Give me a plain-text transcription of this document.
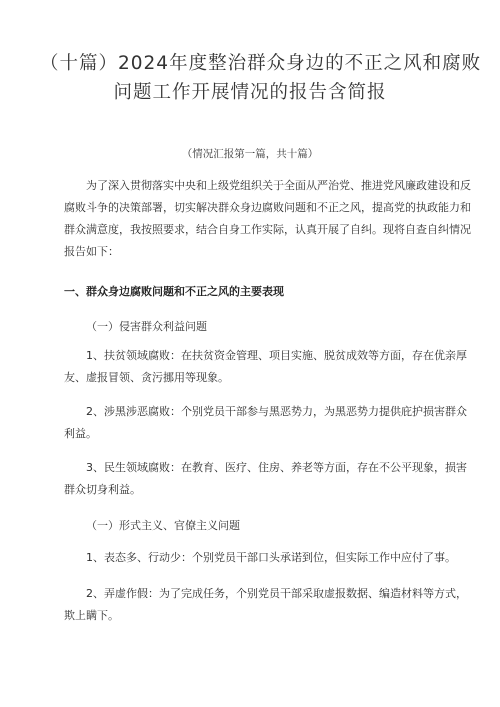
（十篇）2024年度整治群众身边的不正之风和腐败
问题工作开展情况的报告含简报
（情况汇报第一篇，共十篇）
为了深入贯彻落实中央和上级党组织关于全面从严治党、推进党风廉政建设和反
腐败斗争的决策部署，切实解决群众身边腐败问题和不正之风，提高党的执政能力和
群众满意度，我按照要求，结合自身工作实际，认真开展了自纠。现将自查自纠情况
报告如下：
一、群众身边腐败问题和不正之风的主要表现
（一）侵害群众利益问题
1、扶贫领域腐败：在扶贫资金管理、项目实施、脱贫成效等方面，存在优亲厚
友、虚报冒领、贪污挪用等现象。
2、涉黑涉恶腐败：个别党员干部参与黑恶势力，为黑恶势力提供庇护损害群众
利益。
3、民生领域腐败：在教育、医疗、住房、养老等方面，存在不公平现象，损害
群众切身利益。
（一）形式主义、官僚主义问题
1、表态多、行动少：个别党员干部口头承诺到位，但实际工作中应付了事。
2、弄虚作假：为了完成任务，个别党员干部采取虚报数据、编造材料等方式，
欺上瞒下。
